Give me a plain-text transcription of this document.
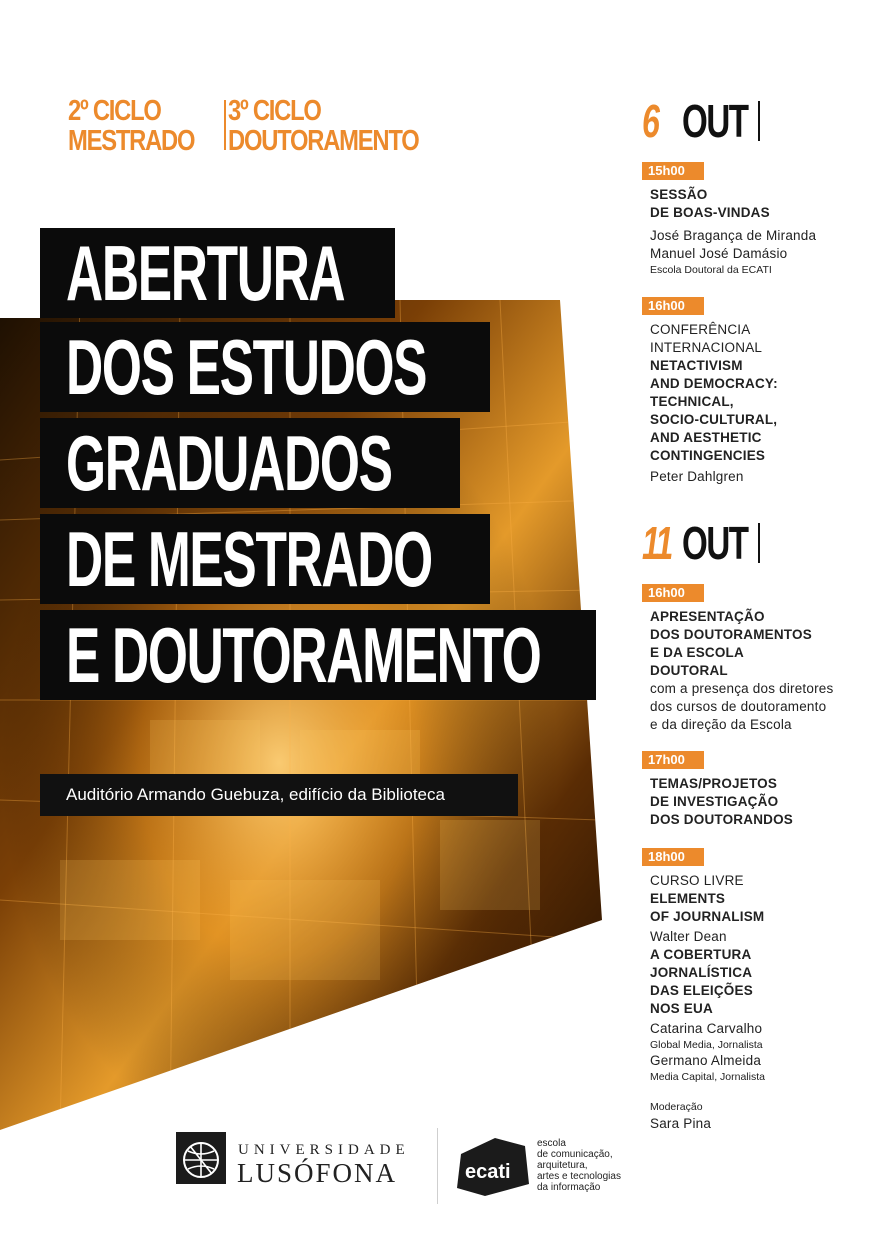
2º CICLO
MESTRADO
3º CICLO
DOUTORAMENTO
ABERTURA
DOS ESTUDOS
GRADUADOS
DE MESTRADO
E DOUTORAMENTO
Auditório Armando Guebuza, edifício da Biblioteca
6 OUT
15h00
SESSÃO
DE BOAS-VINDAS
José Bragança de Miranda
Manuel José Damásio
Escola Doutoral da ECATI
16h00
CONFERÊNCIA
INTERNACIONAL
NETACTIVISM
AND DEMOCRACY:
TECHNICAL,
SOCIO-CULTURAL,
AND AESTHETIC
CONTINGENCIES
Peter Dahlgren
11 OUT
16h00
APRESENTAÇÃO
DOS DOUTORAMENTOS
E DA ESCOLA
DOUTORAL
com a presença dos diretores
dos cursos de doutoramento
e da direção da Escola
17h00
TEMAS/PROJETOS
DE INVESTIGAÇÃO
DOS DOUTORANDOS
18h00
CURSO LIVRE
ELEMENTS
OF JOURNALISM
Walter Dean
A COBERTURA
JORNALÍSTICA
DAS ELEIÇÕES
NOS EUA
Catarina Carvalho
Global Media, Jornalista
Germano Almeida
Media Capital, Jornalista
Moderação
Sara Pina
UNIVERSIDADE
LUSÓFONA	ecati
escola
de comunicação,
arquitetura,
artes e tecnologias
da informação
